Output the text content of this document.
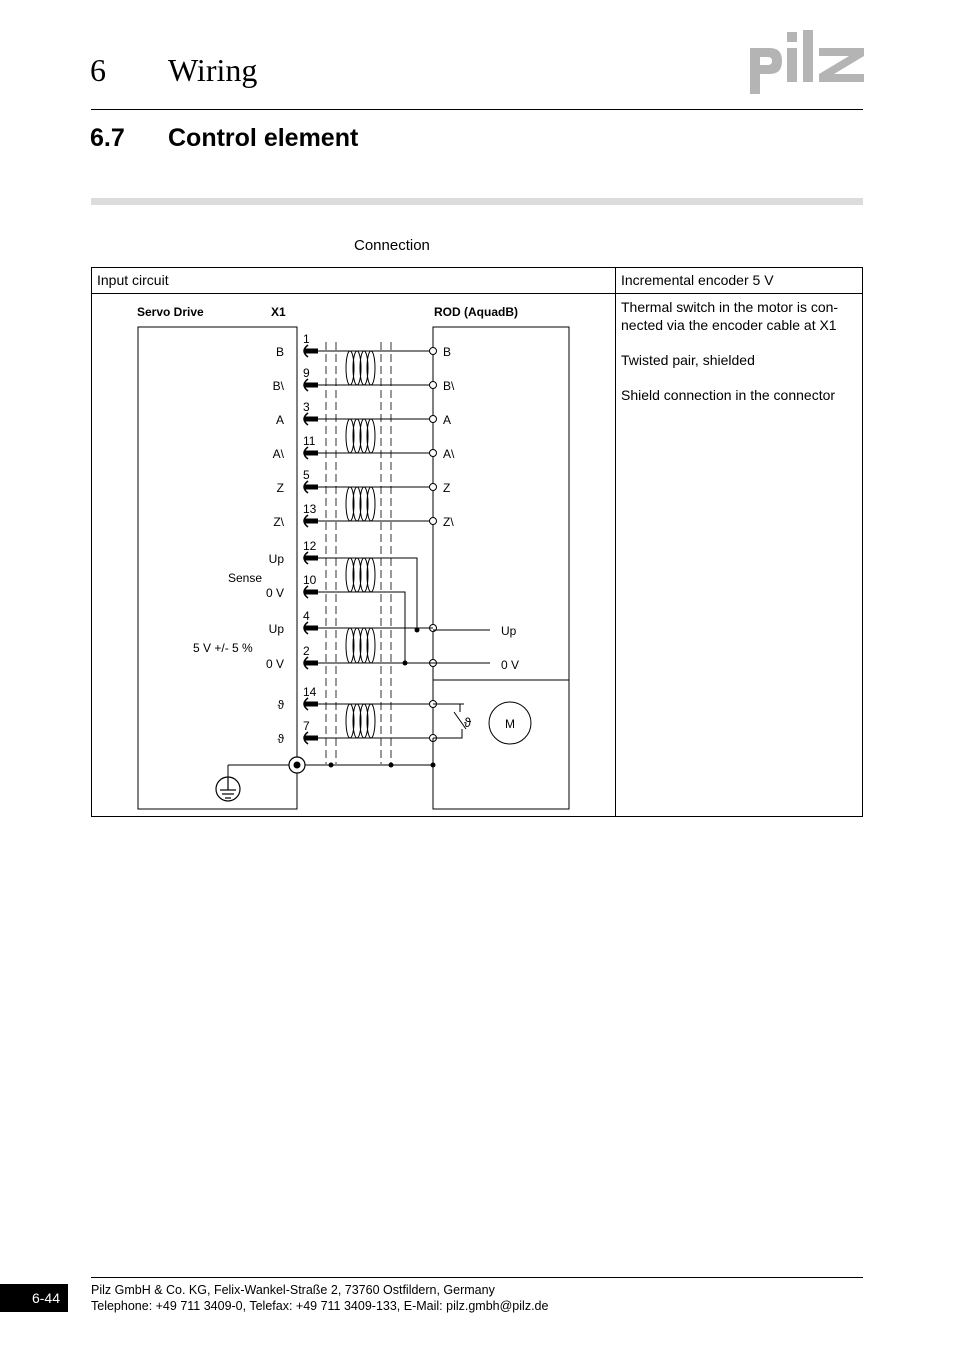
6 Wiring
6.7 Control element
Connection
Input circuit	Incremental encoder 5 V

Thermal switch in the motor is con-nected via the encoder cable at X1

Twisted pair, shielded

Shield connection in the connector

1
B	B
9
B\	B\
3
A	A
11
A\	A\
5
Z	Z
13
Z\	Z\
12
Up
10
0 V
4
Up
2
0 V
14
ϑ
7
ϑ
Servo Drive	X1	ROD (AquadB)
Sense
5 V +/- 5 %
Up
0 V
ϑ	M
6-44	Pilz GmbH & Co. KG, Felix-Wankel-Straße 2, 73760 Ostfildern, Germany
Telephone: +49 711 3409-0, Telefax: +49 711 3409-133, E-Mail: pilz.gmbh@pilz.de
